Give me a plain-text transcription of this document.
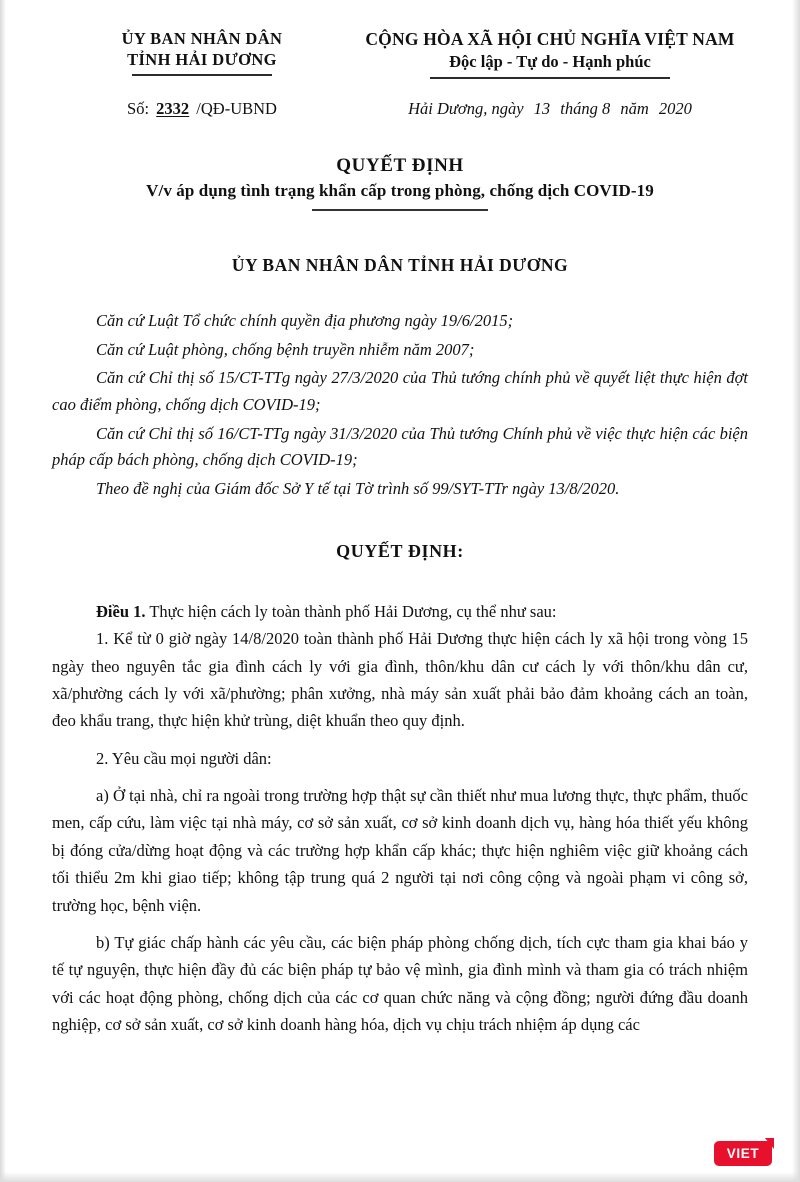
ỦY BAN NHÂN DÂN
TỈNH HẢI DƯƠNG
CỘNG HÒA XÃ HỘI CHỦ NGHĨA VIỆT NAM
Độc lập - Tự do - Hạnh phúc
Số: 2332 /QĐ-UBND	Hải Dương, ngày 13 tháng 8 năm 2020
QUYẾT ĐỊNH
V/v áp dụng tình trạng khẩn cấp trong phòng, chống dịch COVID-19
ỦY BAN NHÂN DÂN TỈNH HẢI DƯƠNG

Căn cứ Luật Tổ chức chính quyền địa phương ngày 19/6/2015;

Căn cứ Luật phòng, chống bệnh truyền nhiễm năm 2007;

Căn cứ Chỉ thị số 15/CT-TTg ngày 27/3/2020 của Thủ tướng chính phủ về quyết liệt thực hiện đợt cao điểm phòng, chống dịch COVID-19;

Căn cứ Chỉ thị số 16/CT-TTg ngày 31/3/2020 của Thủ tướng Chính phủ về việc thực hiện các biện pháp cấp bách phòng, chống dịch COVID-19;

Theo đề nghị của Giám đốc Sở Y tế tại Tờ trình số 99/SYT-TTr ngày 13/8/2020.

QUYẾT ĐỊNH:

Điều 1. Thực hiện cách ly toàn thành phố Hải Dương, cụ thể như sau:

1. Kể từ 0 giờ ngày 14/8/2020 toàn thành phố Hải Dương thực hiện cách ly xã hội trong vòng 15 ngày theo nguyên tắc gia đình cách ly với gia đình, thôn/khu dân cư cách ly với thôn/khu dân cư, xã/phường cách ly với xã/phường; phân xưởng, nhà máy sản xuất phải bảo đảm khoảng cách an toàn, đeo khẩu trang, thực hiện khử trùng, diệt khuẩn theo quy định.

2. Yêu cầu mọi người dân:

a) Ở tại nhà, chỉ ra ngoài trong trường hợp thật sự cần thiết như mua lương thực, thực phẩm, thuốc men, cấp cứu, làm việc tại nhà máy, cơ sở sản xuất, cơ sở kinh doanh dịch vụ, hàng hóa thiết yếu không bị đóng cửa/dừng hoạt động và các trường hợp khẩn cấp khác; thực hiện nghiêm việc giữ khoảng cách tối thiểu 2m khi giao tiếp; không tập trung quá 2 người tại nơi công cộng và ngoài phạm vi công sở, trường học, bệnh viện.

b) Tự giác chấp hành các yêu cầu, các biện pháp phòng chống dịch, tích cực tham gia khai báo y tế tự nguyện, thực hiện đầy đủ các biện pháp tự bảo vệ mình, gia đình mình và tham gia có trách nhiệm với các hoạt động phòng, chống dịch của các cơ quan chức năng và cộng đồng; người đứng đầu doanh nghiệp, cơ sở sản xuất, cơ sở kinh doanh hàng hóa, dịch vụ chịu trách nhiệm áp dụng các

VIET
